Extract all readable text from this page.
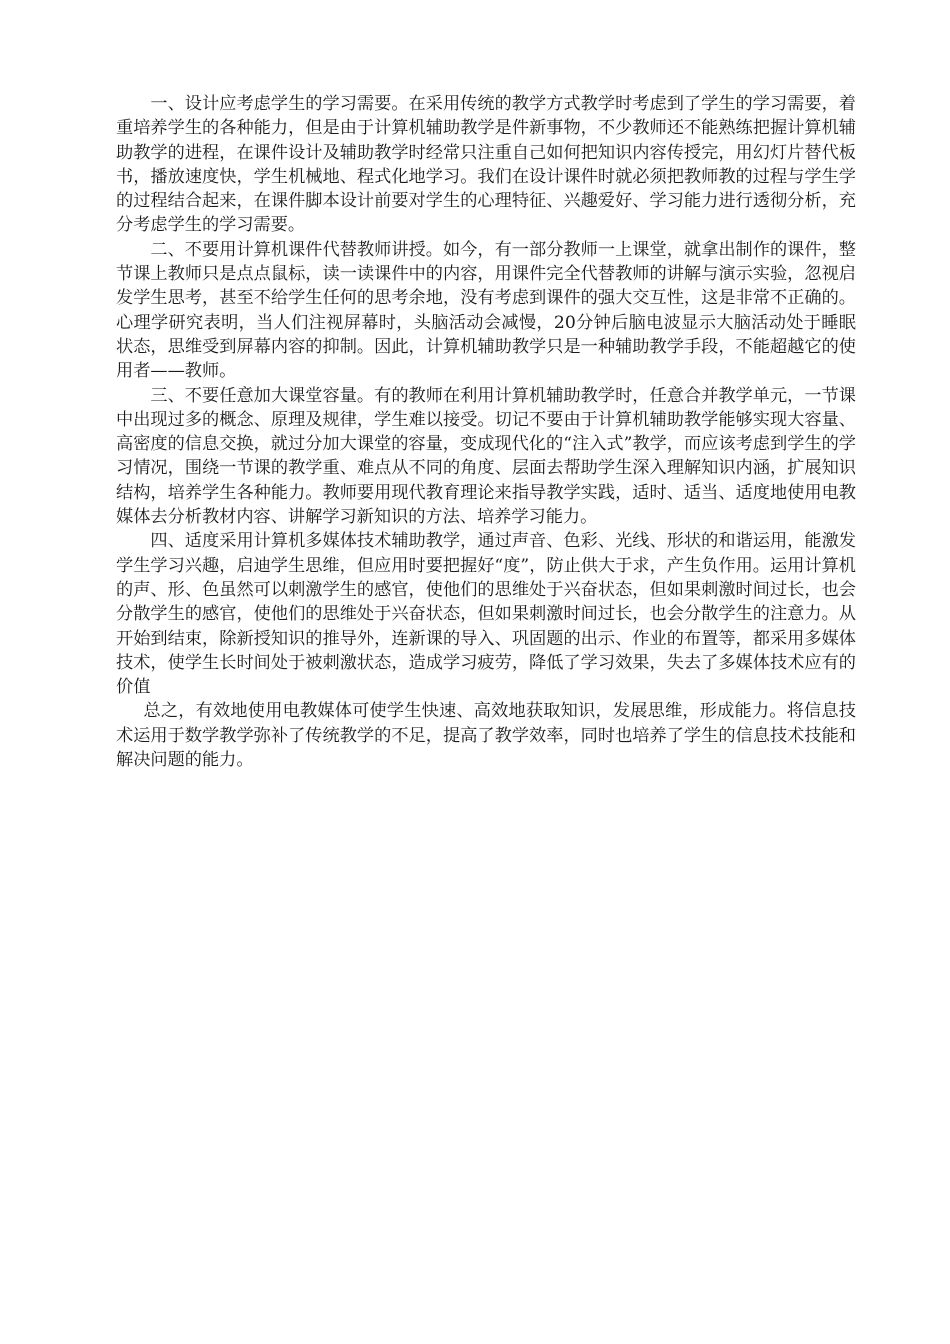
一、设计应考虑学生的学习需要。在采用传统的教学方式教学时考虑到了学生的学习需要，着重培养学生的各种能力，但是由于计算机辅助教学是件新事物，不少教师还不能熟练把握计算机辅助教学的进程，在课件设计及辅助教学时经常只注重自己如何把知识内容传授完，用幻灯片替代板书，播放速度快，学生机械地、程式化地学习。我们在设计课件时就必须把教师教的过程与学生学的过程结合起来，在课件脚本设计前要对学生的心理特征、兴趣爱好、学习能力进行透彻分析，充分考虑学生的学习需要。

二、不要用计算机课件代替教师讲授。如今，有一部分教师一上课堂，就拿出制作的课件，整节课上教师只是点点鼠标，读一读课件中的内容，用课件完全代替教师的讲解与演示实验，忽视启发学生思考，甚至不给学生任何的思考余地，没有考虑到课件的强大交互性，这是非常不正确的。心理学研究表明，当人们注视屏幕时，头脑活动会减慢，20分钟后脑电波显示大脑活动处于睡眠状态，思维受到屏幕内容的抑制。因此，计算机辅助教学只是一种辅助教学手段，不能超越它的使用者——教师。

三、不要任意加大课堂容量。有的教师在利用计算机辅助教学时，任意合并教学单元，一节课中出现过多的概念、原理及规律，学生难以接受。切记不要由于计算机辅助教学能够实现大容量、高密度的信息交换，就过分加大课堂的容量，变成现代化的“注入式”教学，而应该考虑到学生的学习情况，围绕一节课的教学重、难点从不同的角度、层面去帮助学生深入理解知识内涵，扩展知识结构，培养学生各种能力。教师要用现代教育理论来指导教学实践，适时、适当、适度地使用电教媒体去分析教材内容、讲解学习新知识的方法、培养学习能力。

四、适度采用计算机多媒体技术辅助教学，通过声音、色彩、光线、形状的和谐运用，能激发学生学习兴趣，启迪学生思维，但应用时要把握好“度”，防止供大于求，产生负作用。运用计算机的声、形、色虽然可以刺激学生的感官，使他们的思维处于兴奋状态，但如果刺激时间过长，也会分散学生的感官，使他们的思维处于兴奋状态，但如果刺激时间过长，也会分散学生的注意力。从开始到结束，除新授知识的推导外，连新课的导入、巩固题的出示、作业的布置等，都采用多媒体技术，使学生长时间处于被刺激状态，造成学习疲劳，降低了学习效果，失去了多媒体技术应有的价值

总之，有效地使用电教媒体可使学生快速、高效地获取知识，发展思维，形成能力。将信息技术运用于数学教学弥补了传统教学的不足，提高了教学效率，同时也培养了学生的信息技术技能和解决问题的能力。
